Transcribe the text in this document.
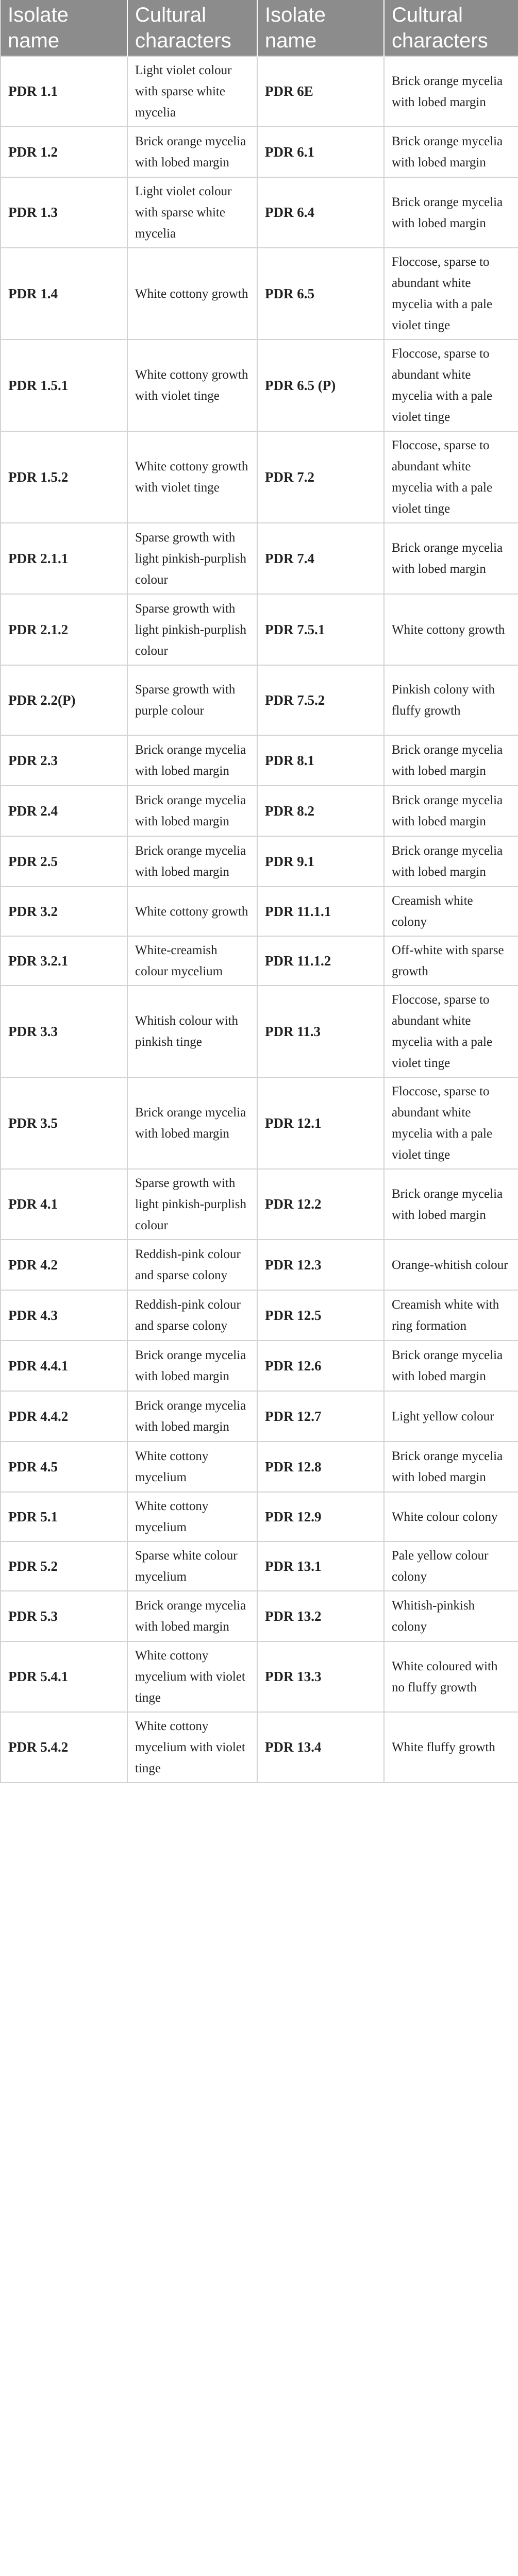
Isolate name	Cultural characters	Isolate name	Cultural characters
PDR 1.1	Light violet colour with sparse white mycelia	PDR 6E	Brick orange mycelia with lobed margin
PDR 1.2	Brick orange mycelia with lobed margin	PDR 6.1	Brick orange mycelia with lobed margin
PDR 1.3	Light violet colour with sparse white mycelia	PDR 6.4	Brick orange mycelia with lobed margin
PDR 1.4	White cottony growth	PDR 6.5	Floccose, sparse to abundant white mycelia with a pale violet tinge
PDR 1.5.1	White cottony growth with violet tinge	PDR 6.5 (P)	Floccose, sparse to abundant white mycelia with a pale violet tinge
PDR 1.5.2	White cottony growth with violet tinge	PDR 7.2	Floccose, sparse to abundant white mycelia with a pale violet tinge
PDR 2.1.1	Sparse growth with light pinkish-purplish colour	PDR 7.4	Brick orange mycelia with lobed margin
PDR 2.1.2	Sparse growth with light pinkish-purplish colour	PDR 7.5.1	White cottony growth
PDR 2.2(P)	Sparse growth with purple colour	PDR 7.5.2	Pinkish colony with fluffy growth
PDR 2.3	Brick orange mycelia with lobed margin	PDR 8.1	Brick orange mycelia with lobed margin
PDR 2.4	Brick orange mycelia with lobed margin	PDR 8.2	Brick orange mycelia with lobed margin
PDR 2.5	Brick orange mycelia with lobed margin	PDR 9.1	Brick orange mycelia with lobed margin
PDR 3.2	White cottony growth	PDR 11.1.1	Creamish white colony
PDR 3.2.1	White-creamish colour mycelium	PDR 11.1.2	Off-white with sparse growth
PDR 3.3	Whitish colour with pinkish tinge	PDR 11.3	Floccose, sparse to abundant white mycelia with a pale violet tinge
PDR 3.5	Brick orange mycelia with lobed margin	PDR 12.1	Floccose, sparse to abundant white mycelia with a pale violet tinge
PDR 4.1	Sparse growth with light pinkish-purplish colour	PDR 12.2	Brick orange mycelia with lobed margin
PDR 4.2	Reddish-pink colour and sparse colony	PDR 12.3	Orange-whitish colour
PDR 4.3	Reddish-pink colour and sparse colony	PDR 12.5	Creamish white with ring formation
PDR 4.4.1	Brick orange mycelia with lobed margin	PDR 12.6	Brick orange mycelia with lobed margin
PDR 4.4.2	Brick orange mycelia with lobed margin	PDR 12.7	Light yellow colour
PDR 4.5	White cottony mycelium	PDR 12.8	Brick orange mycelia with lobed margin
PDR 5.1	White cottony mycelium	PDR 12.9	White colour colony
PDR 5.2	Sparse white colour mycelium	PDR 13.1	Pale yellow colour colony
PDR 5.3	Brick orange mycelia with lobed margin	PDR 13.2	Whitish-pinkish colony
PDR 5.4.1	White cottony mycelium with violet tinge	PDR 13.3	White coloured with no fluffy growth
PDR 5.4.2	White cottony mycelium with violet tinge	PDR 13.4	White fluffy growth
